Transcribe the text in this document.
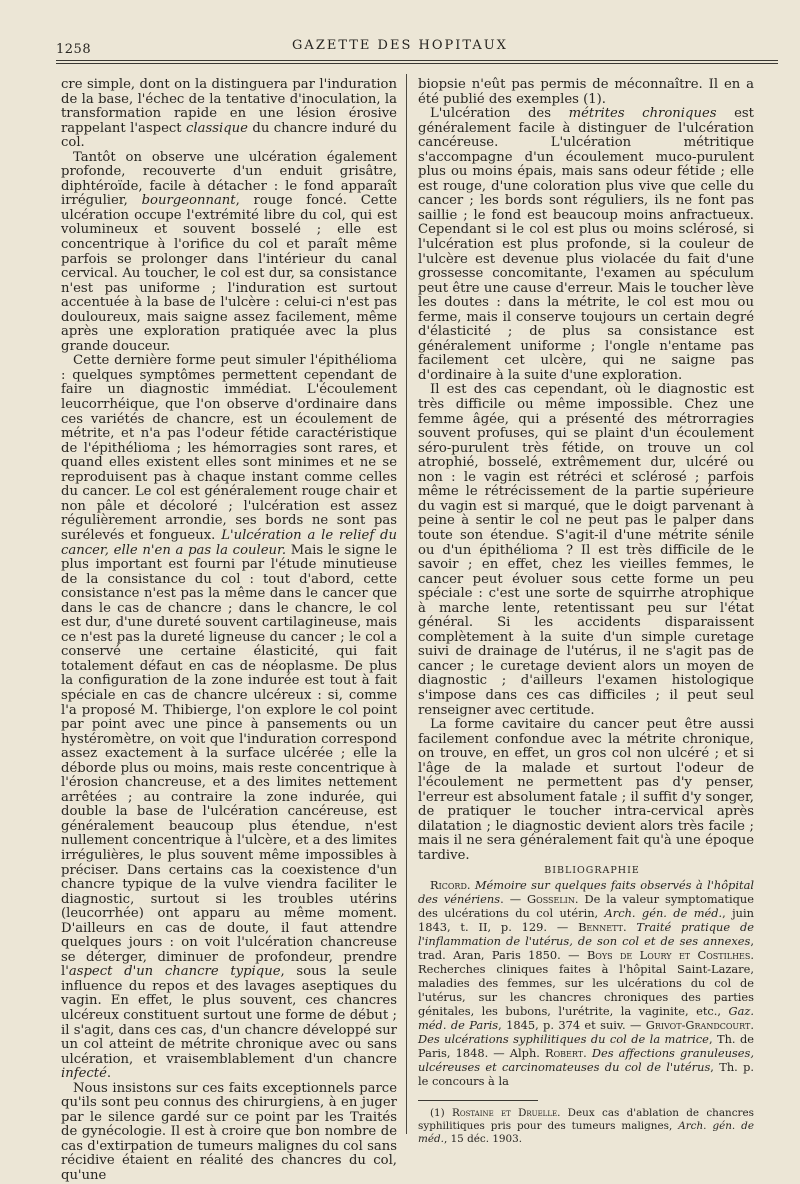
1258	GAZETTE DES HOPITAUX

cre simple, dont on la distinguera par l'induration de la base, l'échec de la tentative d'inoculation, la transformation rapide en une lésion érosive rappelant l'aspect classique du chancre induré du col.

Tantôt on observe une ulcération également profonde, recouverte d'un enduit grisâtre, diphtéroïde, facile à détacher : le fond apparaît irrégulier, bourgeonnant, rouge foncé. Cette ulcération occupe l'extrémité libre du col, qui est volumineux et souvent bosselé ; elle est concentrique à l'orifice du col et paraît même parfois se prolonger dans l'intérieur du canal cervical. Au toucher, le col est dur, sa consistance n'est pas uniforme ; l'induration est surtout accentuée à la base de l'ulcère : celui-ci n'est pas douloureux, mais saigne assez facilement, même après une exploration pratiquée avec la plus grande douceur.

Cette dernière forme peut simuler l'épithélioma : quelques symptômes permettent cependant de faire un diagnostic immédiat. L'écoulement leucorrhéique, que l'on observe d'ordinaire dans ces variétés de chancre, est un écoulement de métrite, et n'a pas l'odeur fétide caractéristique de l'épithélioma ; les hémorragies sont rares, et quand elles existent elles sont minimes et ne se reproduisent pas à chaque instant comme celles du cancer. Le col est généralement rouge chair et non pâle et décoloré ; l'ulcération est assez régulièrement arrondie, ses bords ne sont pas surélevés et fongueux. L'ulcération a le relief du cancer, elle n'en a pas la couleur. Mais le signe le plus important est fourni par l'étude minutieuse de la consistance du col : tout d'abord, cette consistance n'est pas la même dans le cancer que dans le cas de chancre ; dans le chancre, le col est dur, d'une dureté souvent cartilagineuse, mais ce n'est pas la dureté ligneuse du cancer ; le col a conservé une certaine élasticité, qui fait totalement défaut en cas de néoplasme. De plus la configuration de la zone indurée est tout à fait spéciale en cas de chancre ulcéreux : si, comme l'a proposé M. Thibierge, l'on explore le col point par point avec une pince à pansements ou un hystéromètre, on voit que l'induration correspond assez exactement à la surface ulcérée ; elle la déborde plus ou moins, mais reste concentrique à l'érosion chancreuse, et a des limites nettement arrêtées ; au contraire la zone indurée, qui double la base de l'ulcération cancéreuse, est généralement beaucoup plus étendue, n'est nullement concentrique à l'ulcère, et a des limites irrégulières, le plus souvent même impossibles à préciser. Dans certains cas la coexistence d'un chancre typique de la vulve viendra faciliter le diagnostic, surtout si les troubles utérins (leucorrhée) ont apparu au même moment. D'ailleurs en cas de doute, il faut attendre quelques jours : on voit l'ulcération chancreuse se déterger, diminuer de profondeur, prendre l'aspect d'un chancre typique, sous la seule influence du repos et des lavages aseptiques du vagin. En effet, le plus souvent, ces chancres ulcéreux constituent surtout une forme de début ; il s'agit, dans ces cas, d'un chancre développé sur un col atteint de métrite chronique avec ou sans ulcération, et vraisemblablement d'un chancre infecté.

Nous insistons sur ces faits exceptionnels parce qu'ils sont peu connus des chirurgiens, à en juger par le silence gardé sur ce point par les Traités de gynécologie. Il est à croire que bon nombre de cas d'extirpation de tumeurs malignes du col sans récidive étaient en réalité des chancres du col, qu'une

biopsie n'eût pas permis de méconnaître. Il en a été publié des exemples (1).

L'ulcération des métrites chroniques est généralement facile à distinguer de l'ulcération cancéreuse. L'ulcération métritique s'accompagne d'un écoulement muco-purulent plus ou moins épais, mais sans odeur fétide ; elle est rouge, d'une coloration plus vive que celle du cancer ; les bords sont réguliers, ils ne font pas saillie ; le fond est beaucoup moins anfractueux. Cependant si le col est plus ou moins sclérosé, si l'ulcération est plus profonde, si la couleur de l'ulcère est devenue plus violacée du fait d'une grossesse concomitante, l'examen au spéculum peut être une cause d'erreur. Mais le toucher lève les doutes : dans la métrite, le col est mou ou ferme, mais il conserve toujours un certain degré d'élasticité ; de plus sa consistance est généralement uniforme ; l'ongle n'entame pas facilement cet ulcère, qui ne saigne pas d'ordinaire à la suite d'une exploration.

Il est des cas cependant, où le diagnostic est très difficile ou même impossible. Chez une femme âgée, qui a présenté des métrorragies souvent profuses, qui se plaint d'un écoulement séro-purulent très fétide, on trouve un col atrophié, bosselé, extrêmement dur, ulcéré ou non : le vagin est rétréci et sclérosé ; parfois même le rétrécissement de la partie supérieure du vagin est si marqué, que le doigt parvenant à peine à sentir le col ne peut pas le palper dans toute son étendue. S'agit-il d'une métrite sénile ou d'un épithélioma ? Il est très difficile de le savoir ; en effet, chez les vieilles femmes, le cancer peut évoluer sous cette forme un peu spéciale : c'est une sorte de squirrhe atrophique à marche lente, retentissant peu sur l'état général. Si les accidents disparaissent complètement à la suite d'un simple curetage suivi de drainage de l'utérus, il ne s'agit pas de cancer ; le curetage devient alors un moyen de diagnostic ; d'ailleurs l'examen histologique s'impose dans ces cas difficiles ; il peut seul renseigner avec certitude.

La forme cavitaire du cancer peut être aussi facilement confondue avec la métrite chronique, on trouve, en effet, un gros col non ulcéré ; et si l'âge de la malade et surtout l'odeur de l'écoulement ne permettent pas d'y penser, l'erreur est absolument fatale ; il suffit d'y songer, de pratiquer le toucher intra-cervical après dilatation ; le diagnostic devient alors très facile ; mais il ne sera généralement fait qu'à une époque tardive.

BIBLIOGRAPHIE

Ricord. Mémoire sur quelques faits observés à l'hôpital des vénériens. — Gosselin. De la valeur symptomatique des ulcérations du col utérin, Arch. gén. de méd., juin 1843, t. II, p. 129. — Bennett. Traité pratique de l'inflammation de l'utérus, de son col et de ses annexes, trad. Aran, Paris 1850. — Boys de Loury et Costilhes. Recherches cliniques faites à l'hôpital Saint-Lazare, maladies des femmes, sur les ulcérations du col de l'utérus, sur les chancres chroniques des parties génitales, les bubons, l'urétrite, la vaginite, etc., Gaz. méd. de Paris, 1845, p. 374 et suiv. — Grivot-Grandcourt. Des ulcérations syphilitiques du col de la matrice, Th. de Paris, 1848. — Alph. Robert. Des affections granuleuses, ulcéreuses et carcinomateuses du col de l'utérus, Th. p. le concours à la

(1) Rostaine et Druelle. Deux cas d'ablation de chancres syphilitiques pris pour des tumeurs malignes, Arch. gén. de méd., 15 déc. 1903.
